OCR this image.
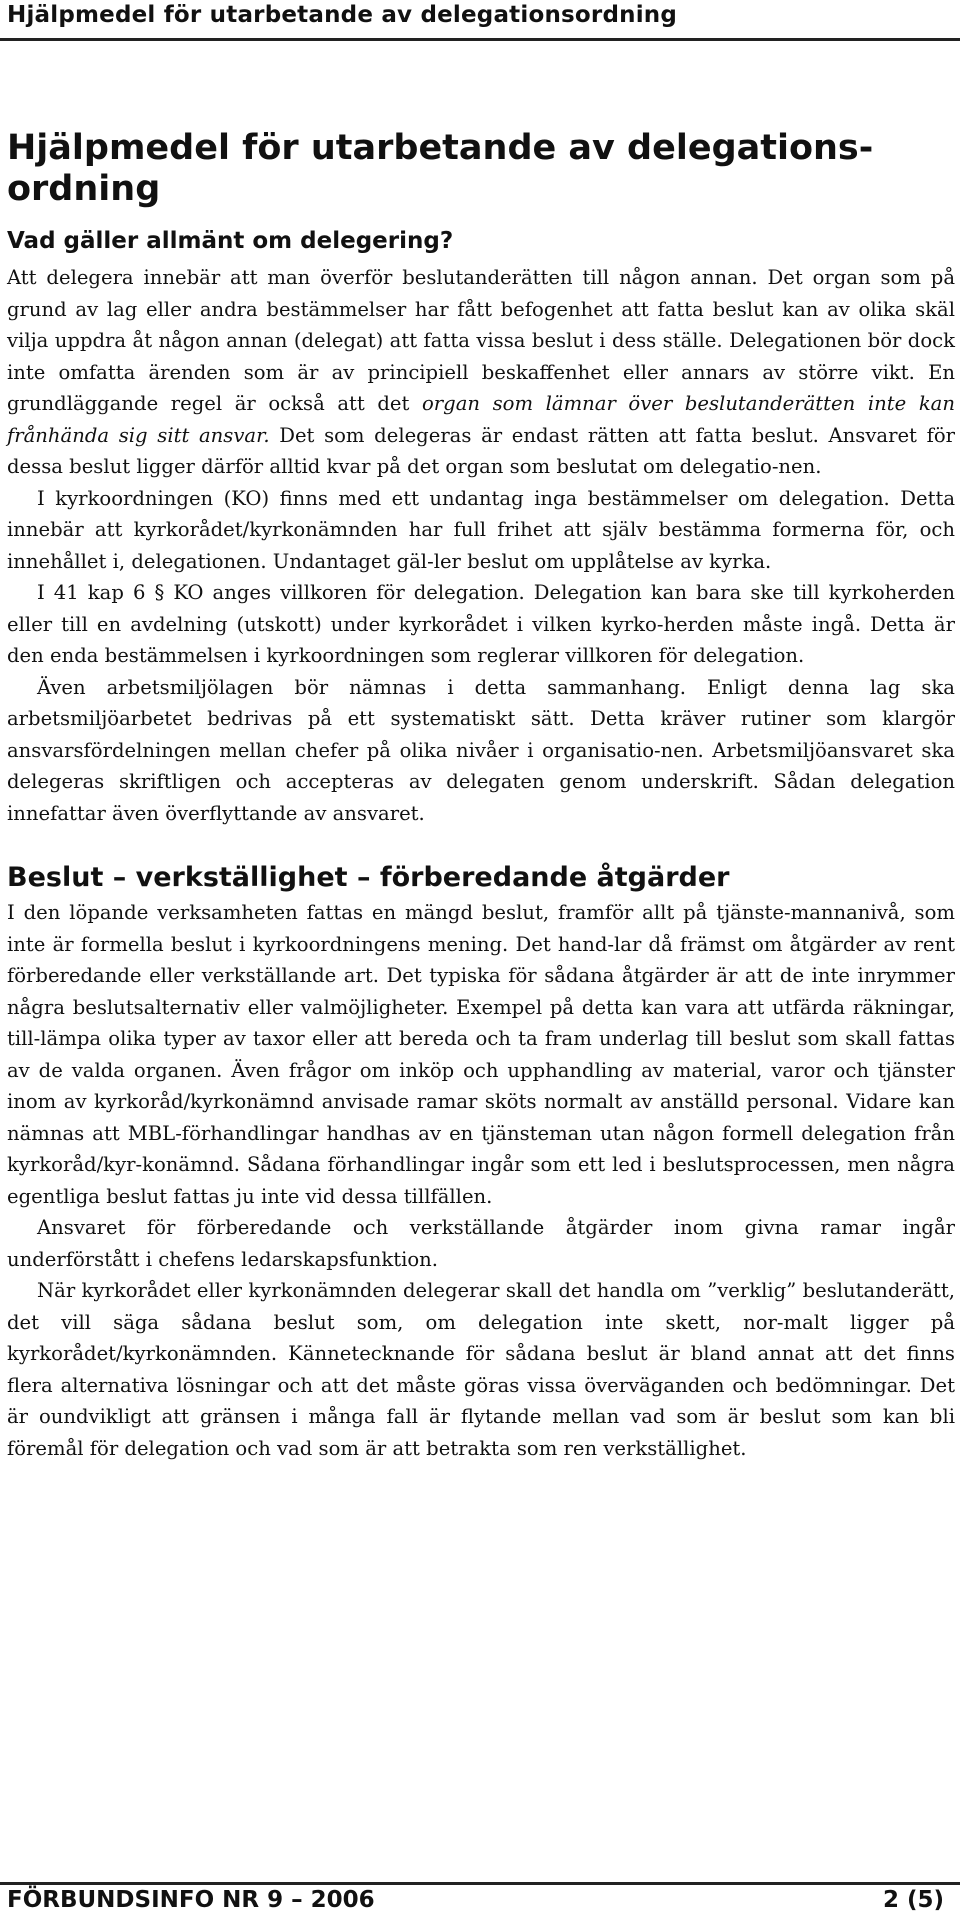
Hjälpmedel för utarbetande av delegationsordning
Hjälpmedel för utarbetande av delegations-ordning
Vad gäller allmänt om delegering?

Att delegera innebär att man överför beslutanderätten till någon annan. Det organ som på grund av lag eller andra bestämmelser har fått befogenhet att fatta beslut kan av olika skäl vilja uppdra åt någon annan (delegat) att fatta vissa beslut i dess ställe. Delegationen bör dock inte omfatta ärenden som är av principiell beskaffenhet eller annars av större vikt. En grundläggande regel är också att det organ som lämnar över beslutanderätten inte kan frånhända sig sitt ansvar. Det som delegeras är endast rätten att fatta beslut. Ansvaret för dessa beslut ligger därför alltid kvar på det organ som beslutat om delegatio-nen.

I kyrkoordningen (KO) finns med ett undantag inga bestämmelser om delegation. Detta innebär att kyrkorådet/kyrkonämnden har full frihet att själv bestämma formerna för, och innehållet i, delegationen. Undantaget gäl-ler beslut om upplåtelse av kyrka.

I 41 kap 6 § KO anges villkoren för delegation. Delegation kan bara ske till kyrkoherden eller till en avdelning (utskott) under kyrkorådet i vilken kyrko-herden måste ingå. Detta är den enda bestämmelsen i kyrkoordningen som reglerar villkoren för delegation.

Även arbetsmiljölagen bör nämnas i detta sammanhang. Enligt denna lag ska arbetsmiljöarbetet bedrivas på ett systematiskt sätt. Detta kräver rutiner som klargör ansvarsfördelningen mellan chefer på olika nivåer i organisatio-nen. Arbetsmiljöansvaret ska delegeras skriftligen och accepteras av delegaten genom underskrift. Sådan delegation innefattar även överflyttande av ansvaret.

Beslut – verkställighet – förberedande åtgärder

I den löpande verksamheten fattas en mängd beslut, framför allt på tjänste-mannanivå, som inte är formella beslut i kyrkoordningens mening. Det hand-lar då främst om åtgärder av rent förberedande eller verkställande art. Det typiska för sådana åtgärder är att de inte inrymmer några beslutsalternativ eller valmöjligheter. Exempel på detta kan vara att utfärda räkningar, till-lämpa olika typer av taxor eller att bereda och ta fram underlag till beslut som skall fattas av de valda organen. Även frågor om inköp och upphandling av material, varor och tjänster inom av kyrkoråd/kyrkonämnd anvisade ramar sköts normalt av anställd personal. Vidare kan nämnas att MBL-förhandlingar handhas av en tjänsteman utan någon formell delegation från kyrkoråd/kyr-konämnd. Sådana förhandlingar ingår som ett led i beslutsprocessen, men några egentliga beslut fattas ju inte vid dessa tillfällen.

Ansvaret för förberedande och verkställande åtgärder inom givna ramar ingår underförstått i chefens ledarskapsfunktion.

När kyrkorådet eller kyrkonämnden delegerar skall det handla om ”verklig” beslutanderätt, det vill säga sådana beslut som, om delegation inte skett, nor-malt ligger på kyrkorådet/kyrkonämnden. Kännetecknande för sådana beslut är bland annat att det finns flera alternativa lösningar och att det måste göras vissa överväganden och bedömningar. Det är oundvikligt att gränsen i många fall är flytande mellan vad som är beslut som kan bli föremål för delegation och vad som är att betrakta som ren verkställighet.

FÖRBUNDSINFO NR 9 – 2006	2 (5)
